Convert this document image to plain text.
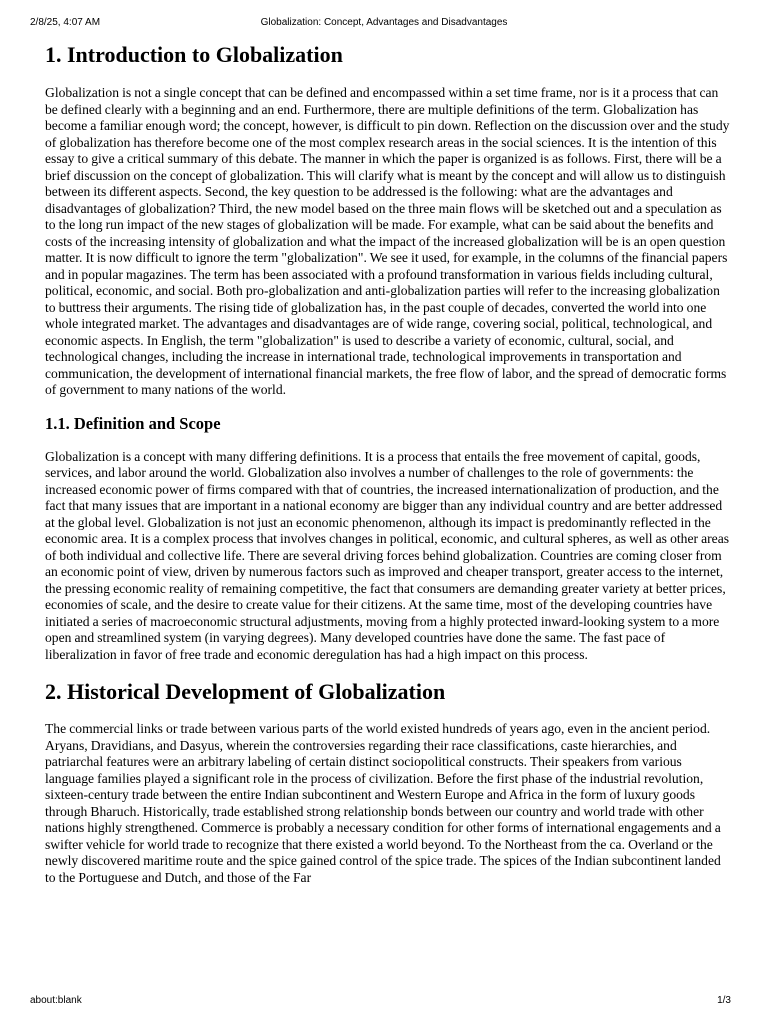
2/8/25, 4:07 AM	Globalization: Concept, Advantages and Disadvantages
1. Introduction to Globalization

Globalization is not a single concept that can be defined and encompassed within a set time frame, nor is it a process that can be defined clearly with a beginning and an end. Furthermore, there are multiple definitions of the term. Globalization has become a familiar enough word; the concept, however, is difficult to pin down. Reflection on the discussion over and the study of globalization has therefore become one of the most complex research areas in the social sciences. It is the intention of this essay to give a critical summary of this debate. The manner in which the paper is organized is as follows. First, there will be a brief discussion on the concept of globalization. This will clarify what is meant by the concept and will allow us to distinguish between its different aspects. Second, the key question to be addressed is the following: what are the advantages and disadvantages of globalization? Third, the new model based on the three main flows will be sketched out and a speculation as to the long run impact of the new stages of globalization will be made. For example, what can be said about the benefits and costs of the increasing intensity of globalization and what the impact of the increased globalization will be is an open question matter. It is now difficult to ignore the term "globalization". We see it used, for example, in the columns of the financial papers and in popular magazines. The term has been associated with a profound transformation in various fields including cultural, political, economic, and social. Both pro-globalization and anti-globalization parties will refer to the increasing globalization to buttress their arguments. The rising tide of globalization has, in the past couple of decades, converted the world into one whole integrated market. The advantages and disadvantages are of wide range, covering social, political, technological, and economic aspects. In English, the term "globalization" is used to describe a variety of economic, cultural, social, and technological changes, including the increase in international trade, technological improvements in transportation and communication, the development of international financial markets, the free flow of labor, and the spread of democratic forms of government to many nations of the world.

1.1. Definition and Scope

Globalization is a concept with many differing definitions. It is a process that entails the free movement of capital, goods, services, and labor around the world. Globalization also involves a number of challenges to the role of governments: the increased economic power of firms compared with that of countries, the increased internationalization of production, and the fact that many issues that are important in a national economy are bigger than any individual country and are better addressed at the global level. Globalization is not just an economic phenomenon, although its impact is predominantly reflected in the economic area. It is a complex process that involves changes in political, economic, and cultural spheres, as well as other areas of both individual and collective life. There are several driving forces behind globalization. Countries are coming closer from an economic point of view, driven by numerous factors such as improved and cheaper transport, greater access to the internet, the pressing economic reality of remaining competitive, the fact that consumers are demanding greater variety at better prices, economies of scale, and the desire to create value for their citizens. At the same time, most of the developing countries have initiated a series of macroeconomic structural adjustments, moving from a highly protected inward-looking system to a more open and streamlined system (in varying degrees). Many developed countries have done the same. The fast pace of liberalization in favor of free trade and economic deregulation has had a high impact on this process.

2. Historical Development of Globalization

The commercial links or trade between various parts of the world existed hundreds of years ago, even in the ancient period. Aryans, Dravidians, and Dasyus, wherein the controversies regarding their race classifications, caste hierarchies, and patriarchal features were an arbitrary labeling of certain distinct sociopolitical constructs. Their speakers from various language families played a significant role in the process of civilization. Before the first phase of the industrial revolution, sixteen-century trade between the entire Indian subcontinent and Western Europe and Africa in the form of luxury goods through Bharuch. Historically, trade established strong relationship bonds between our country and world trade with other nations highly strengthened. Commerce is probably a necessary condition for other forms of international engagements and a swifter vehicle for world trade to recognize that there existed a world beyond. To the Northeast from the ca. Overland or the newly discovered maritime route and the spice gained control of the spice trade. The spices of the Indian subcontinent landed to the Portuguese and Dutch, and those of the Far

about:blank	1/3
